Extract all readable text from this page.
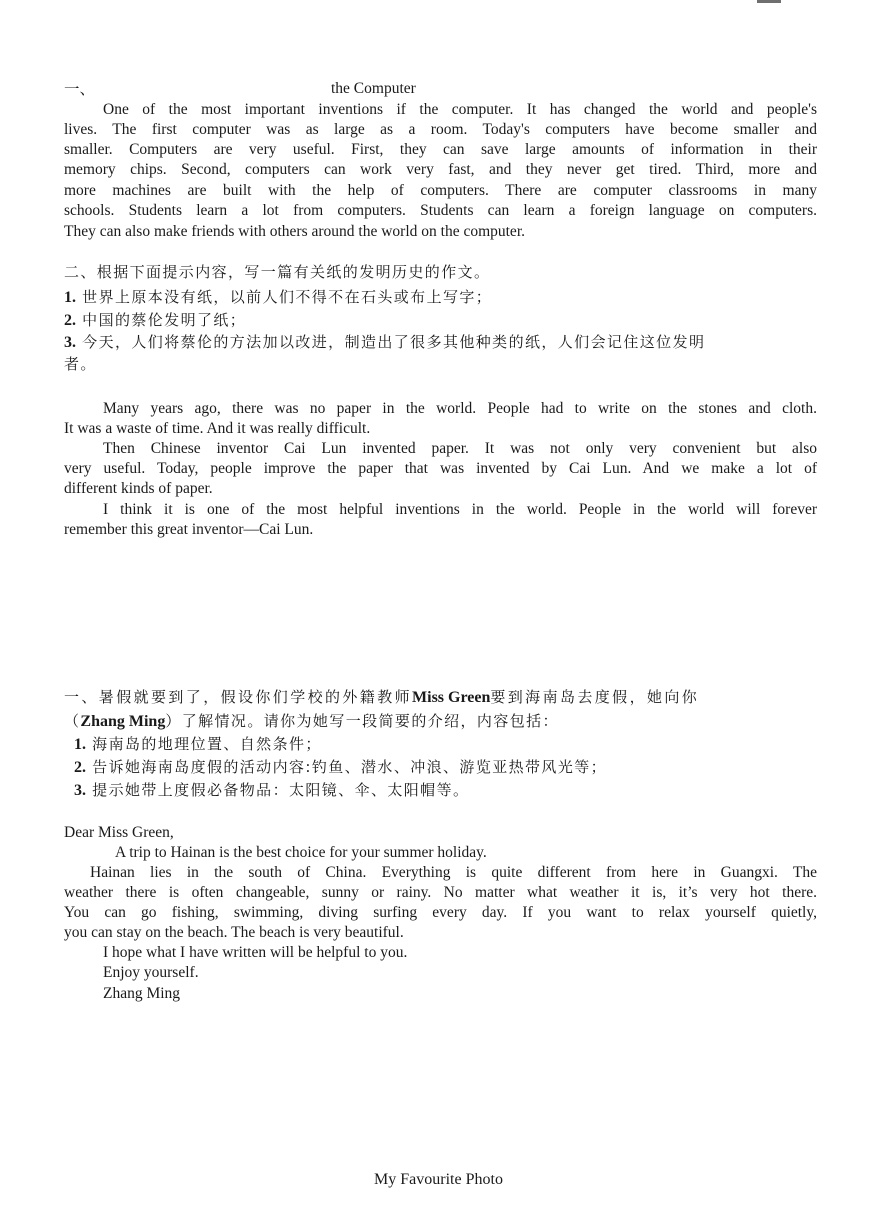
一、	the Computer
One of the most important inventions if the computer. It has changed the world and people's
lives. The first computer was as large as a room. Today's computers have become smaller and
smaller. Computers are very useful. First, they can save large amounts of information in their
memory chips. Second, computers can work very fast, and they never get tired. Third, more and
more machines are built with the help of computers. There are computer classrooms in many
schools. Students learn a lot from computers. Students can learn a foreign language on computers.
They can also make friends with others around the world on the computer.
二、根据下面提示内容，写一篇有关纸的发明历史的作文。
1. 世界上原本没有纸，以前人们不得不在石头或布上写字；
2. 中国的蔡伦发明了纸；
3. 今天，人们将蔡伦的方法加以改进，制造出了很多其他种类的纸，人们会记住这位发明
者。
Many years ago, there was no paper in the world. People had to write on the stones and cloth.
It was a waste of time. And it was really difficult.
Then Chinese inventor Cai Lun invented paper. It was not only very convenient but also
very useful. Today, people improve the paper that was invented by Cai Lun. And we make a lot of
different kinds of paper.
I think it is one of the most helpful inventions in the world. People in the world will forever
remember this great inventor—Cai Lun.
一、暑假就要到了，假设你们学校的外籍教师Miss Green要到海南岛去度假，她向你
（Zhang Ming）了解情况。请你为她写一段简要的介绍，内容包括：
1. 海南岛的地理位置、自然条件；
2. 告诉她海南岛度假的活动内容:钓鱼、潜水、冲浪、游览亚热带风光等；
3. 提示她带上度假必备物品：太阳镜、伞、太阳帽等。
Dear Miss Green,
A trip to Hainan is the best choice for your summer holiday.
Hainan lies in the south of China. Everything is quite different from here in Guangxi. The
weather there is often changeable, sunny or rainy. No matter what weather it is, it’s very hot there.
You can go fishing, swimming, diving surfing every day. If you want to relax yourself quietly,
you can stay on the beach. The beach is very beautiful.
I hope what I have written will be helpful to you.
Enjoy yourself.
Zhang Ming
My Favourite Photo
